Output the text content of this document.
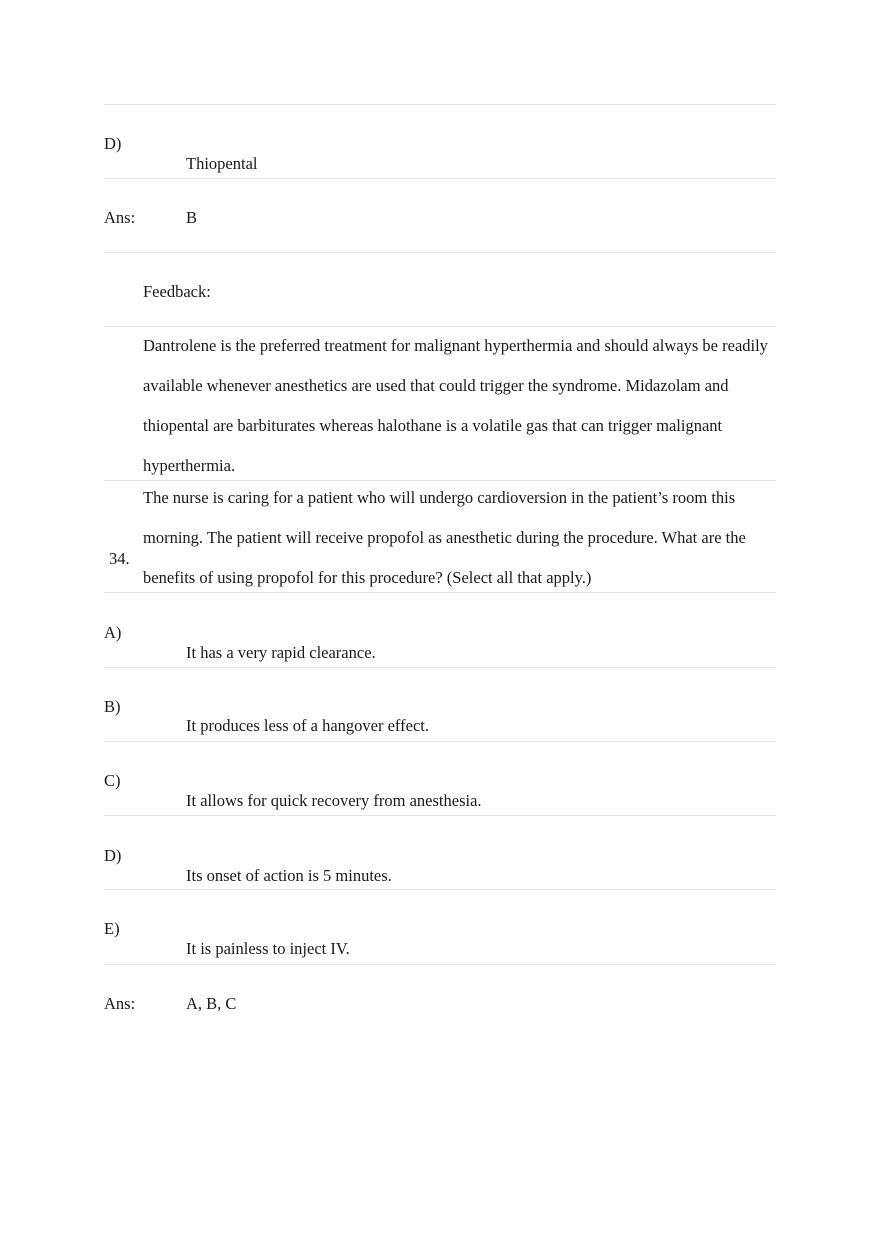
D)
Thiopental
Ans:	B
Feedback:
Dantrolene is the preferred treatment for malignant hyperthermia and should always be readily available whenever anesthetics are used that could trigger the syndrome. Midazolam and thiopental are barbiturates whereas halothane is a volatile gas that can trigger malignant hyperthermia.
34.
The nurse is caring for a patient who will undergo cardioversion in the patient’s room this morning. The patient will receive propofol as anesthetic during the procedure. What are the benefits of using propofol for this procedure? (Select all that apply.)
A)
It has a very rapid clearance.
B)
It produces less of a hangover effect.
C)
It allows for quick recovery from anesthesia.
D)
Its onset of action is 5 minutes.
E)
It is painless to inject IV.
Ans:	A, B, C
